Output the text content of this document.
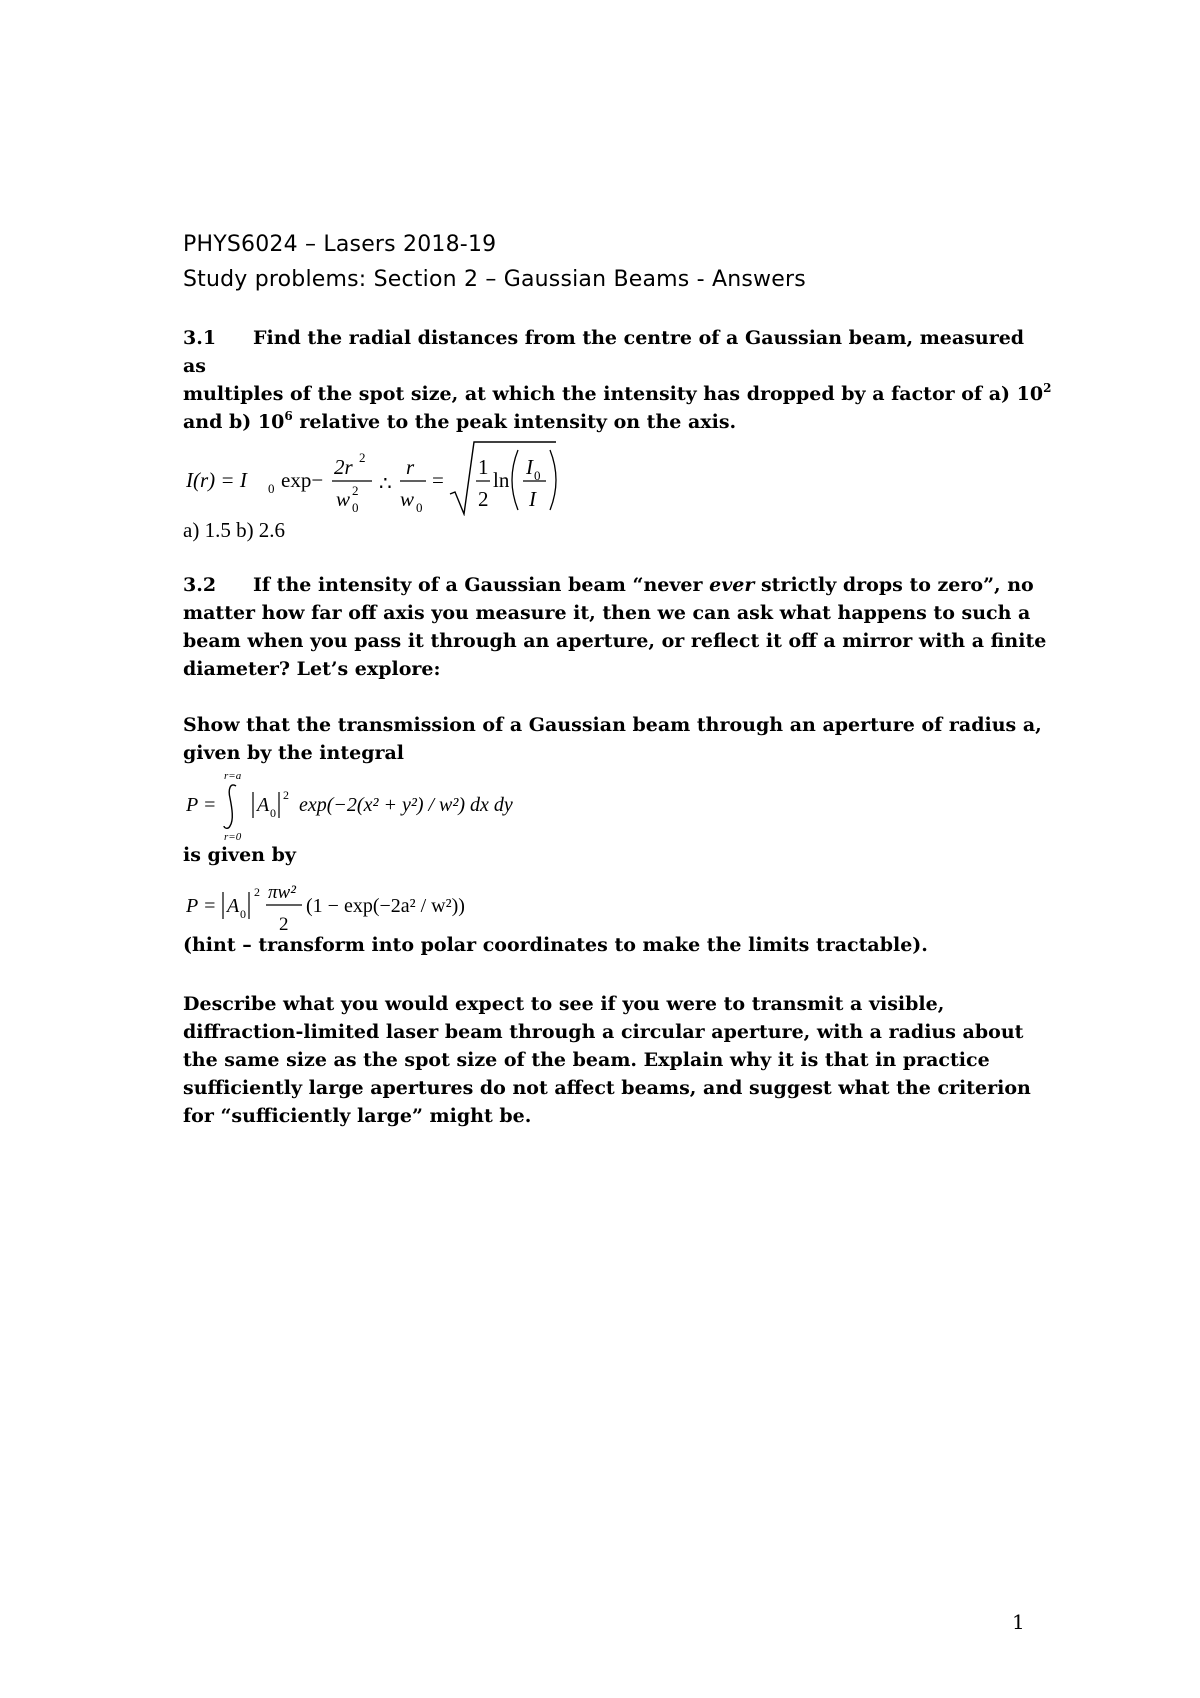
PHYS6024 – Lasers 2018-19
Study problems: Section 2 – Gaussian Beams - Answers

3.1 Find the radial distances from the centre of a Gaussian beam, measured as

multiples of the spot size, at which the intensity has dropped by a factor of a) $10^2$

and b) $10^6$ relative to the peak intensity on the axis.

I(r) = I 0 exp−
2r 2
w 0
2 ∴
r
w 0
=
1
2
ln
I 0
I
a) 1.5 b) 2.6

3.2 If the intensity of a Gaussian beam “never ever strictly drops to zero”, no

matter how far off axis you measure it, then we can ask what happens to such a

beam when you pass it through an aperture, or reflect it off a mirror with a finite

diameter? Let’s explore:

Show that the transmission of a Gaussian beam through an aperture of radius a,

given by the integral

r=a
P =
r=0
A 0
2 exp(−2(x² + y²) / w²) dx dy
is given by
P = A 0
2 πw²
2
(1 − exp(−2a² / w²))
(hint – transform into polar coordinates to make the limits tractable).

Describe what you would expect to see if you were to transmit a visible,

diffraction-limited laser beam through a circular aperture, with a radius about

the same size as the spot size of the beam. Explain why it is that in practice

sufficiently large apertures do not affect beams, and suggest what the criterion

for “sufficiently large” might be.

1
